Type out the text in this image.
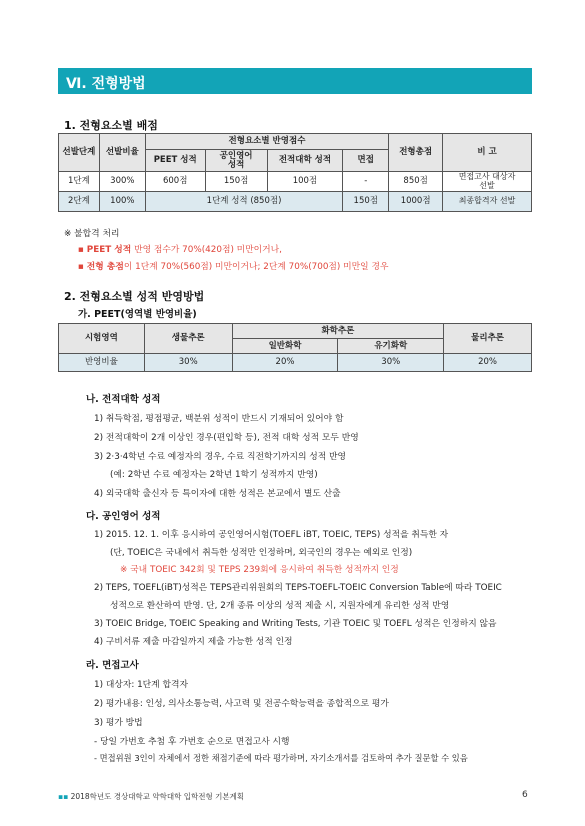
Ⅵ. 전형방법
1. 전형요소별 배점
선발단계	선발비율	전형요소별 반영점수				전형총점	비 고
		PEET 성적	공인영어 성적	전적대학 성적	면접		
1단계	300%	600점	150점	100점	-	850점	면접고사 대상자 선발

2단계	100%	1단계 성적 (850점)			150점	1000점	최종합격자 선발
※ 불합격 처리
▪ PEET 성적 반영 점수가 70%(420점) 미만이거나,
▪ 전형 총점이 1단계 70%(560점) 미만이거나; 2단계 70%(700점) 미만일 경우
2. 전형요소별 성적 반영방법
가. PEET(영역별 반영비율)
시험영역	생물추론	화학추론		물리추론
		일반화학	유기화학	
반영비율	30%	20%	30%	20%
나. 전적대학 성적
1) 취득학점, 평점평균, 백분위 성적이 반드시 기재되어 있어야 함
2) 전적대학이 2개 이상인 경우(편입학 등), 전적 대학 성적 모두 반영
3) 2·3·4학년 수료 예정자의 경우, 수료 직전학기까지의 성적 반영
(예: 2학년 수료 예정자는 2학년 1학기 성적까지 반영)
4) 외국대학 출신자 등 특이자에 대한 성적은 본교에서 별도 산출
다. 공인영어 성적
1) 2015. 12. 1. 이후 응시하여 공인영어시험(TOEFL iBT, TOEIC, TEPS) 성적을 취득한 자
(단, TOEIC은 국내에서 취득한 성적만 인정하며, 외국인의 경우는 예외로 인정)
※ 국내 TOEIC 342회 및 TEPS 239회에 응시하여 취득한 성적까지 인정
2) TEPS, TOEFL(iBT)성적은 TEPS관리위원회의 TEPS-TOEFL-TOEIC Conversion Table에 따라 TOEIC
성적으로 환산하여 반영. 단, 2개 종류 이상의 성적 제출 시, 지원자에게 유리한 성적 반영
3) TOEIC Bridge, TOEIC Speaking and Writing Tests, 기관 TOEIC 및 TOEFL 성적은 인정하지 않음
4) 구비서류 제출 마감일까지 제출 가능한 성적 인정
라. 면접고사
1) 대상자: 1단계 합격자
2) 평가내용: 인성, 의사소통능력, 사고력 및 전공수학능력을 종합적으로 평가
3) 평가 방법
- 당일 가번호 추첨 후 가번호 순으로 면접고사 시행
- 면접위원 3인이 자체에서 정한 채점기준에 따라 평가하며, 자기소개서를 검토하여 추가 질문할 수 있음
▪▪ 2018학년도 경상대학교 약학대학 입학전형 기본계획	6
